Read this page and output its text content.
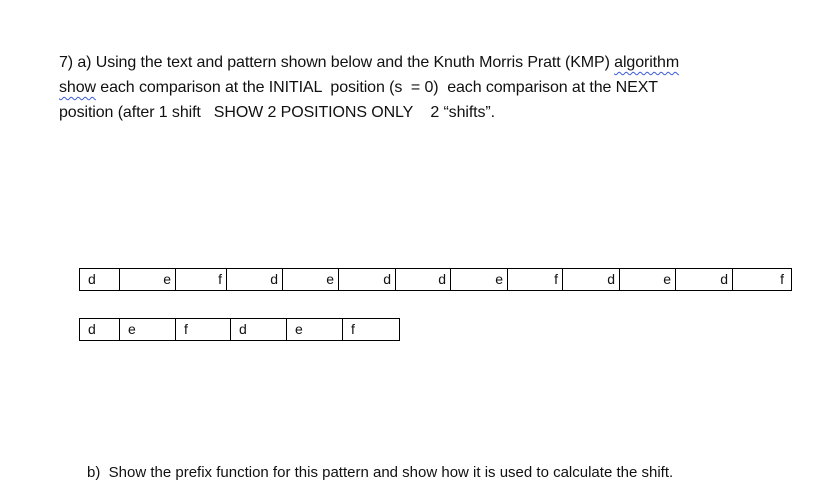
7) a) Using the text and pattern shown below and the Knuth Morris Pratt (KMP) algorithm
show each comparison at the INITIAL  position (s  = 0)  each comparison at the NEXT
position (after 1 shift   SHOW 2 POSITIONS ONLY    2 “shifts”.
d	e	f	d	e	d	d	e	f	d	e	d	f
d	e	f	d	e	f
b)  Show the prefix function for this pattern and show how it is used to calculate the shift.
